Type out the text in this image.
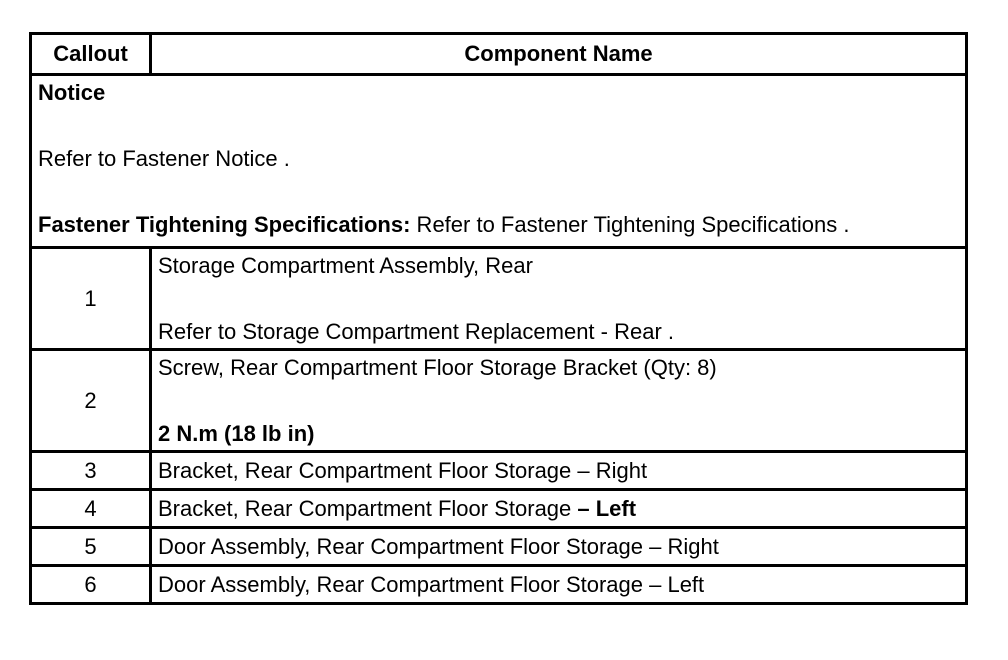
Callout	Component Name

Notice

Refer to Fastener Notice .

Fastener Tightening Specifications: Refer to Fastener Tightening Specifications .	

1	Storage Compartment Assembly, Rear

Refer to Storage Compartment Replacement - Rear .

2	Screw, Rear Compartment Floor Storage Bracket (Qty: 8)

2 N.m (18 lb in)

3	Bracket, Rear Compartment Floor Storage – Right
4	Bracket, Rear Compartment Floor Storage – Left
5	Door Assembly, Rear Compartment Floor Storage – Right
6	Door Assembly, Rear Compartment Floor Storage – Left
